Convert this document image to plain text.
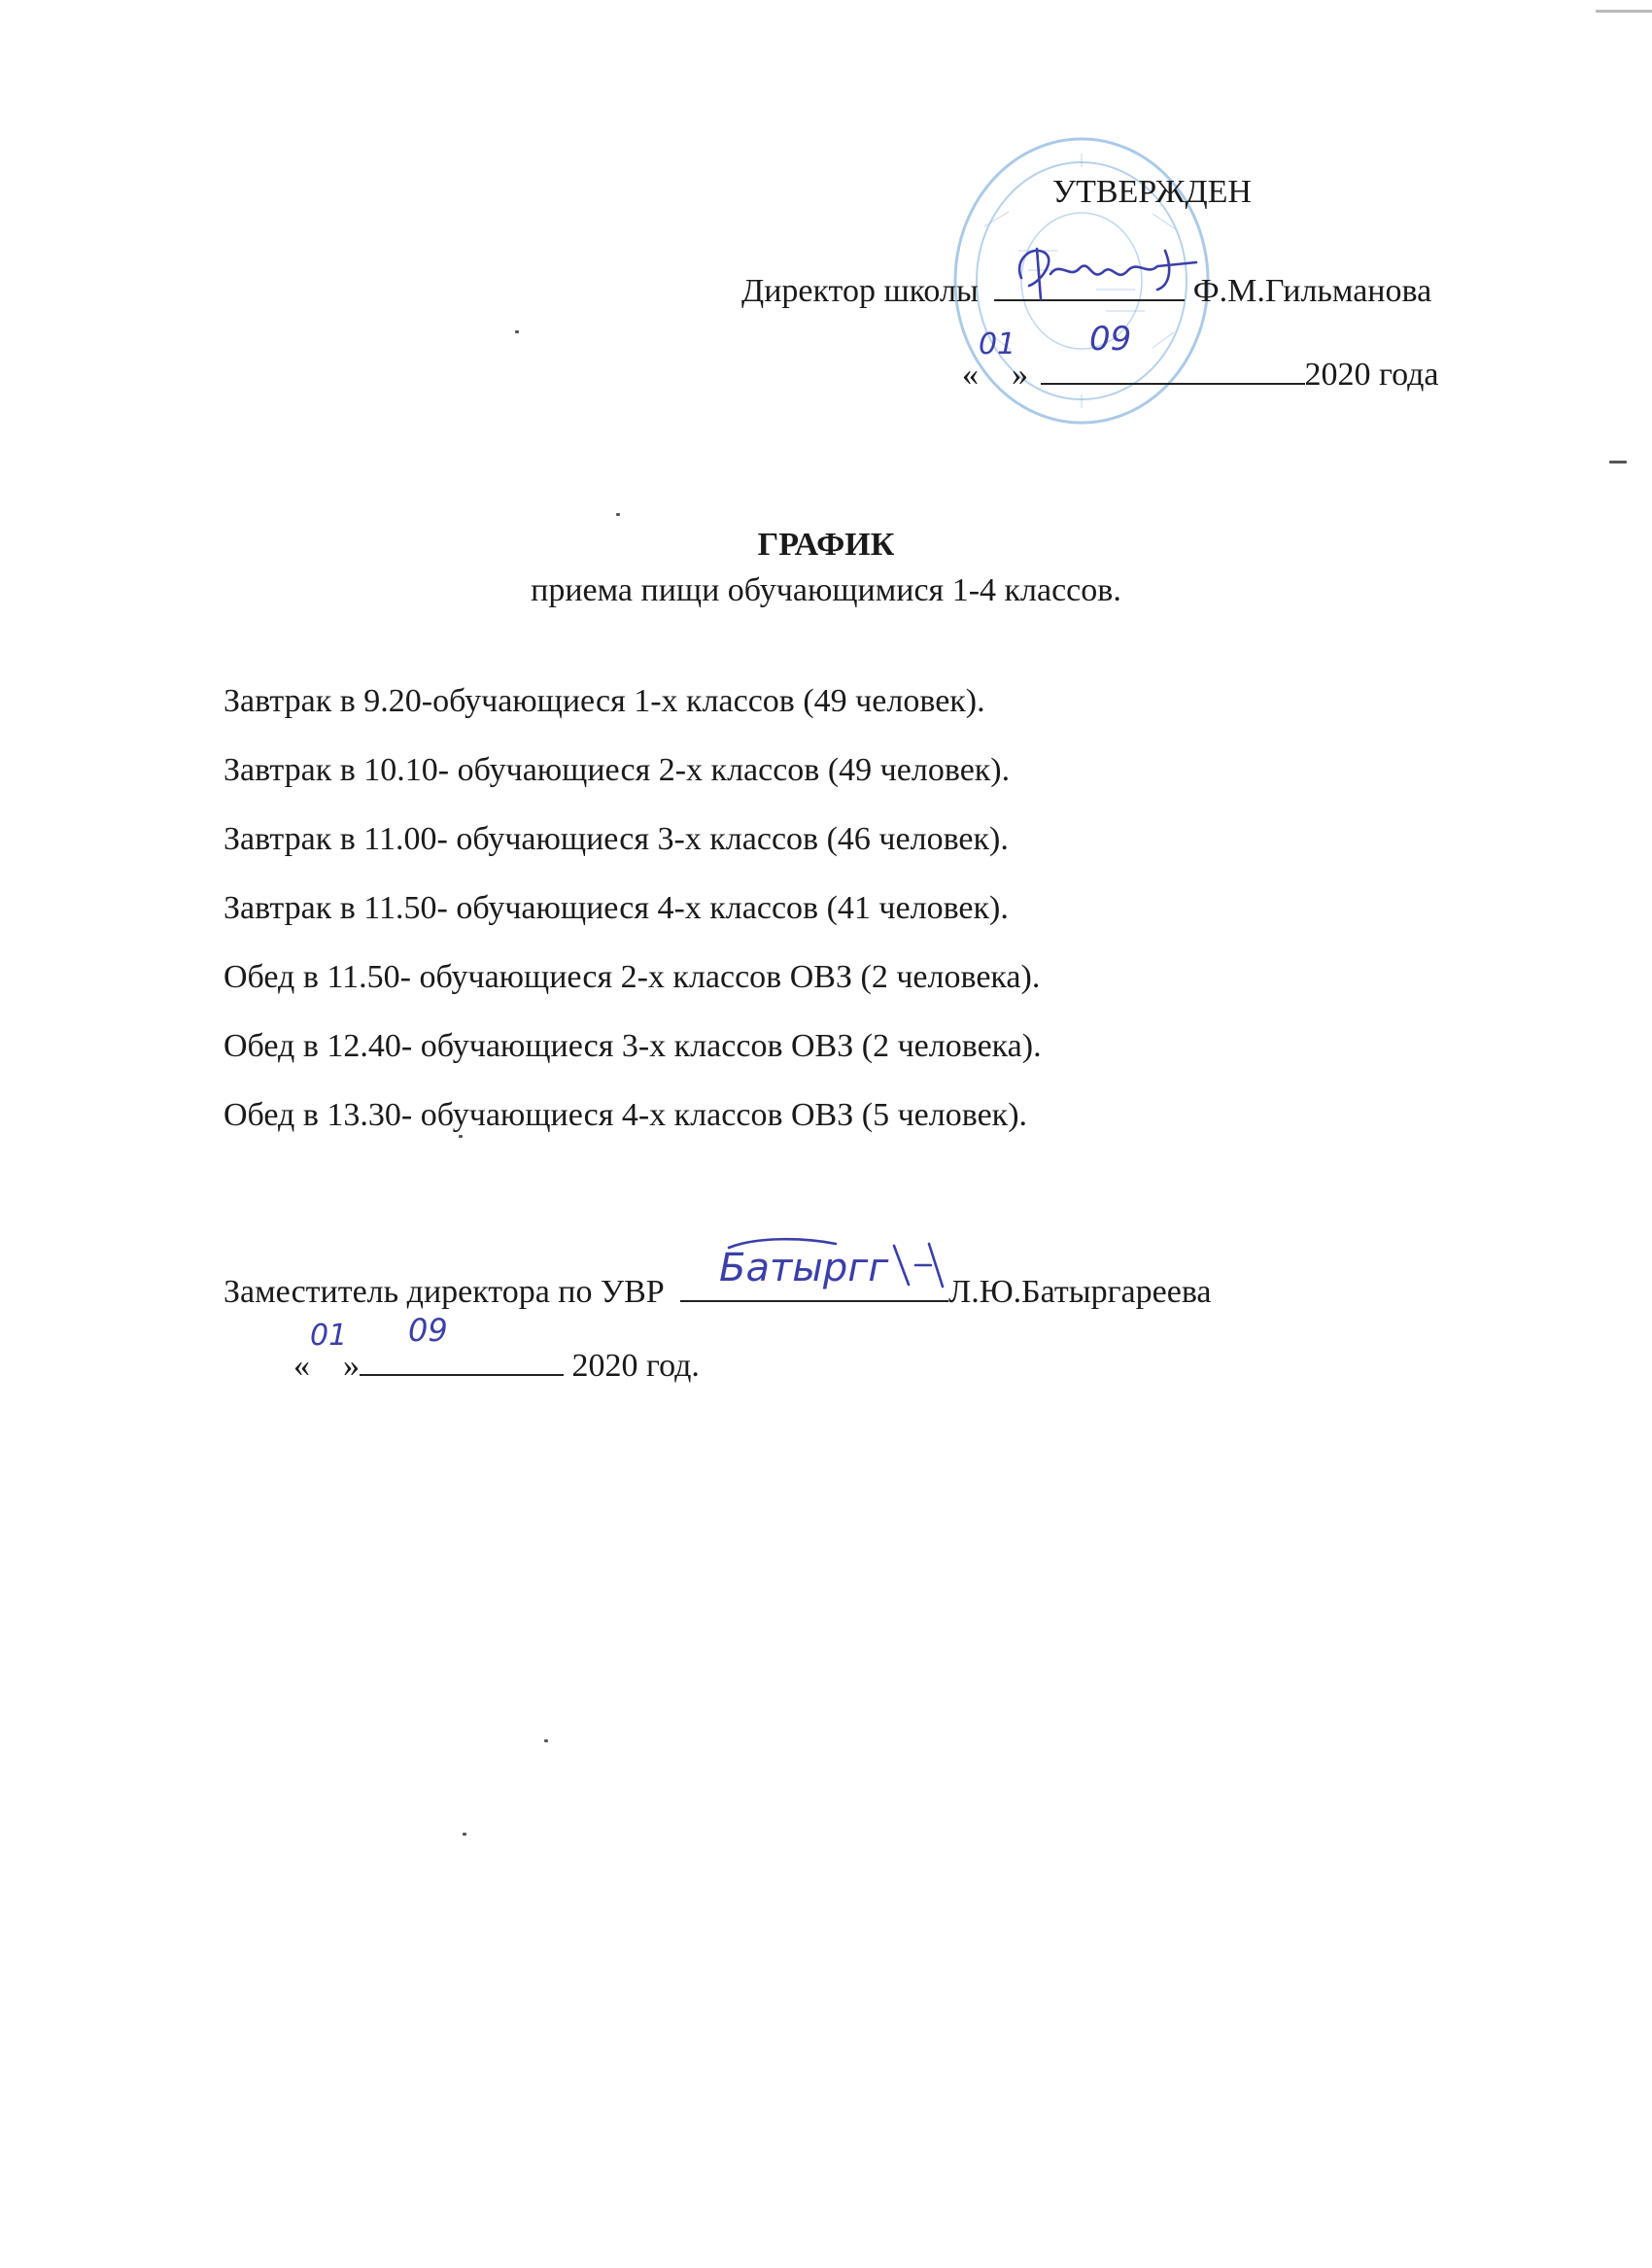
УТВЕРЖДЕН
Директор школы	Ф.М.Гильманова
«
01
»
09
2020 года
ГРАФИК
приема пищи обучающимися 1-4 классов.
Завтрак в 9.20-обучающиеся 1-х классов (49 человек).
Завтрак в 10.10- обучающиеся 2-х классов (49 человек).
Завтрак в 11.00- обучающиеся 3-х классов (46 человек).
Завтрак в 11.50- обучающиеся 4-х классов (41 человек).
Обед в 11.50- обучающиеся 2-х классов ОВЗ (2 человека).
Обед в 12.40- обучающиеся 3-х классов ОВЗ (2 человека).
Обед в 13.30- обучающиеся 4-х классов ОВЗ (5 человек).
Заместитель директора по УВР
Батыргг
Л.Ю.Батыргареева
«
01
»
09
2020 год.
